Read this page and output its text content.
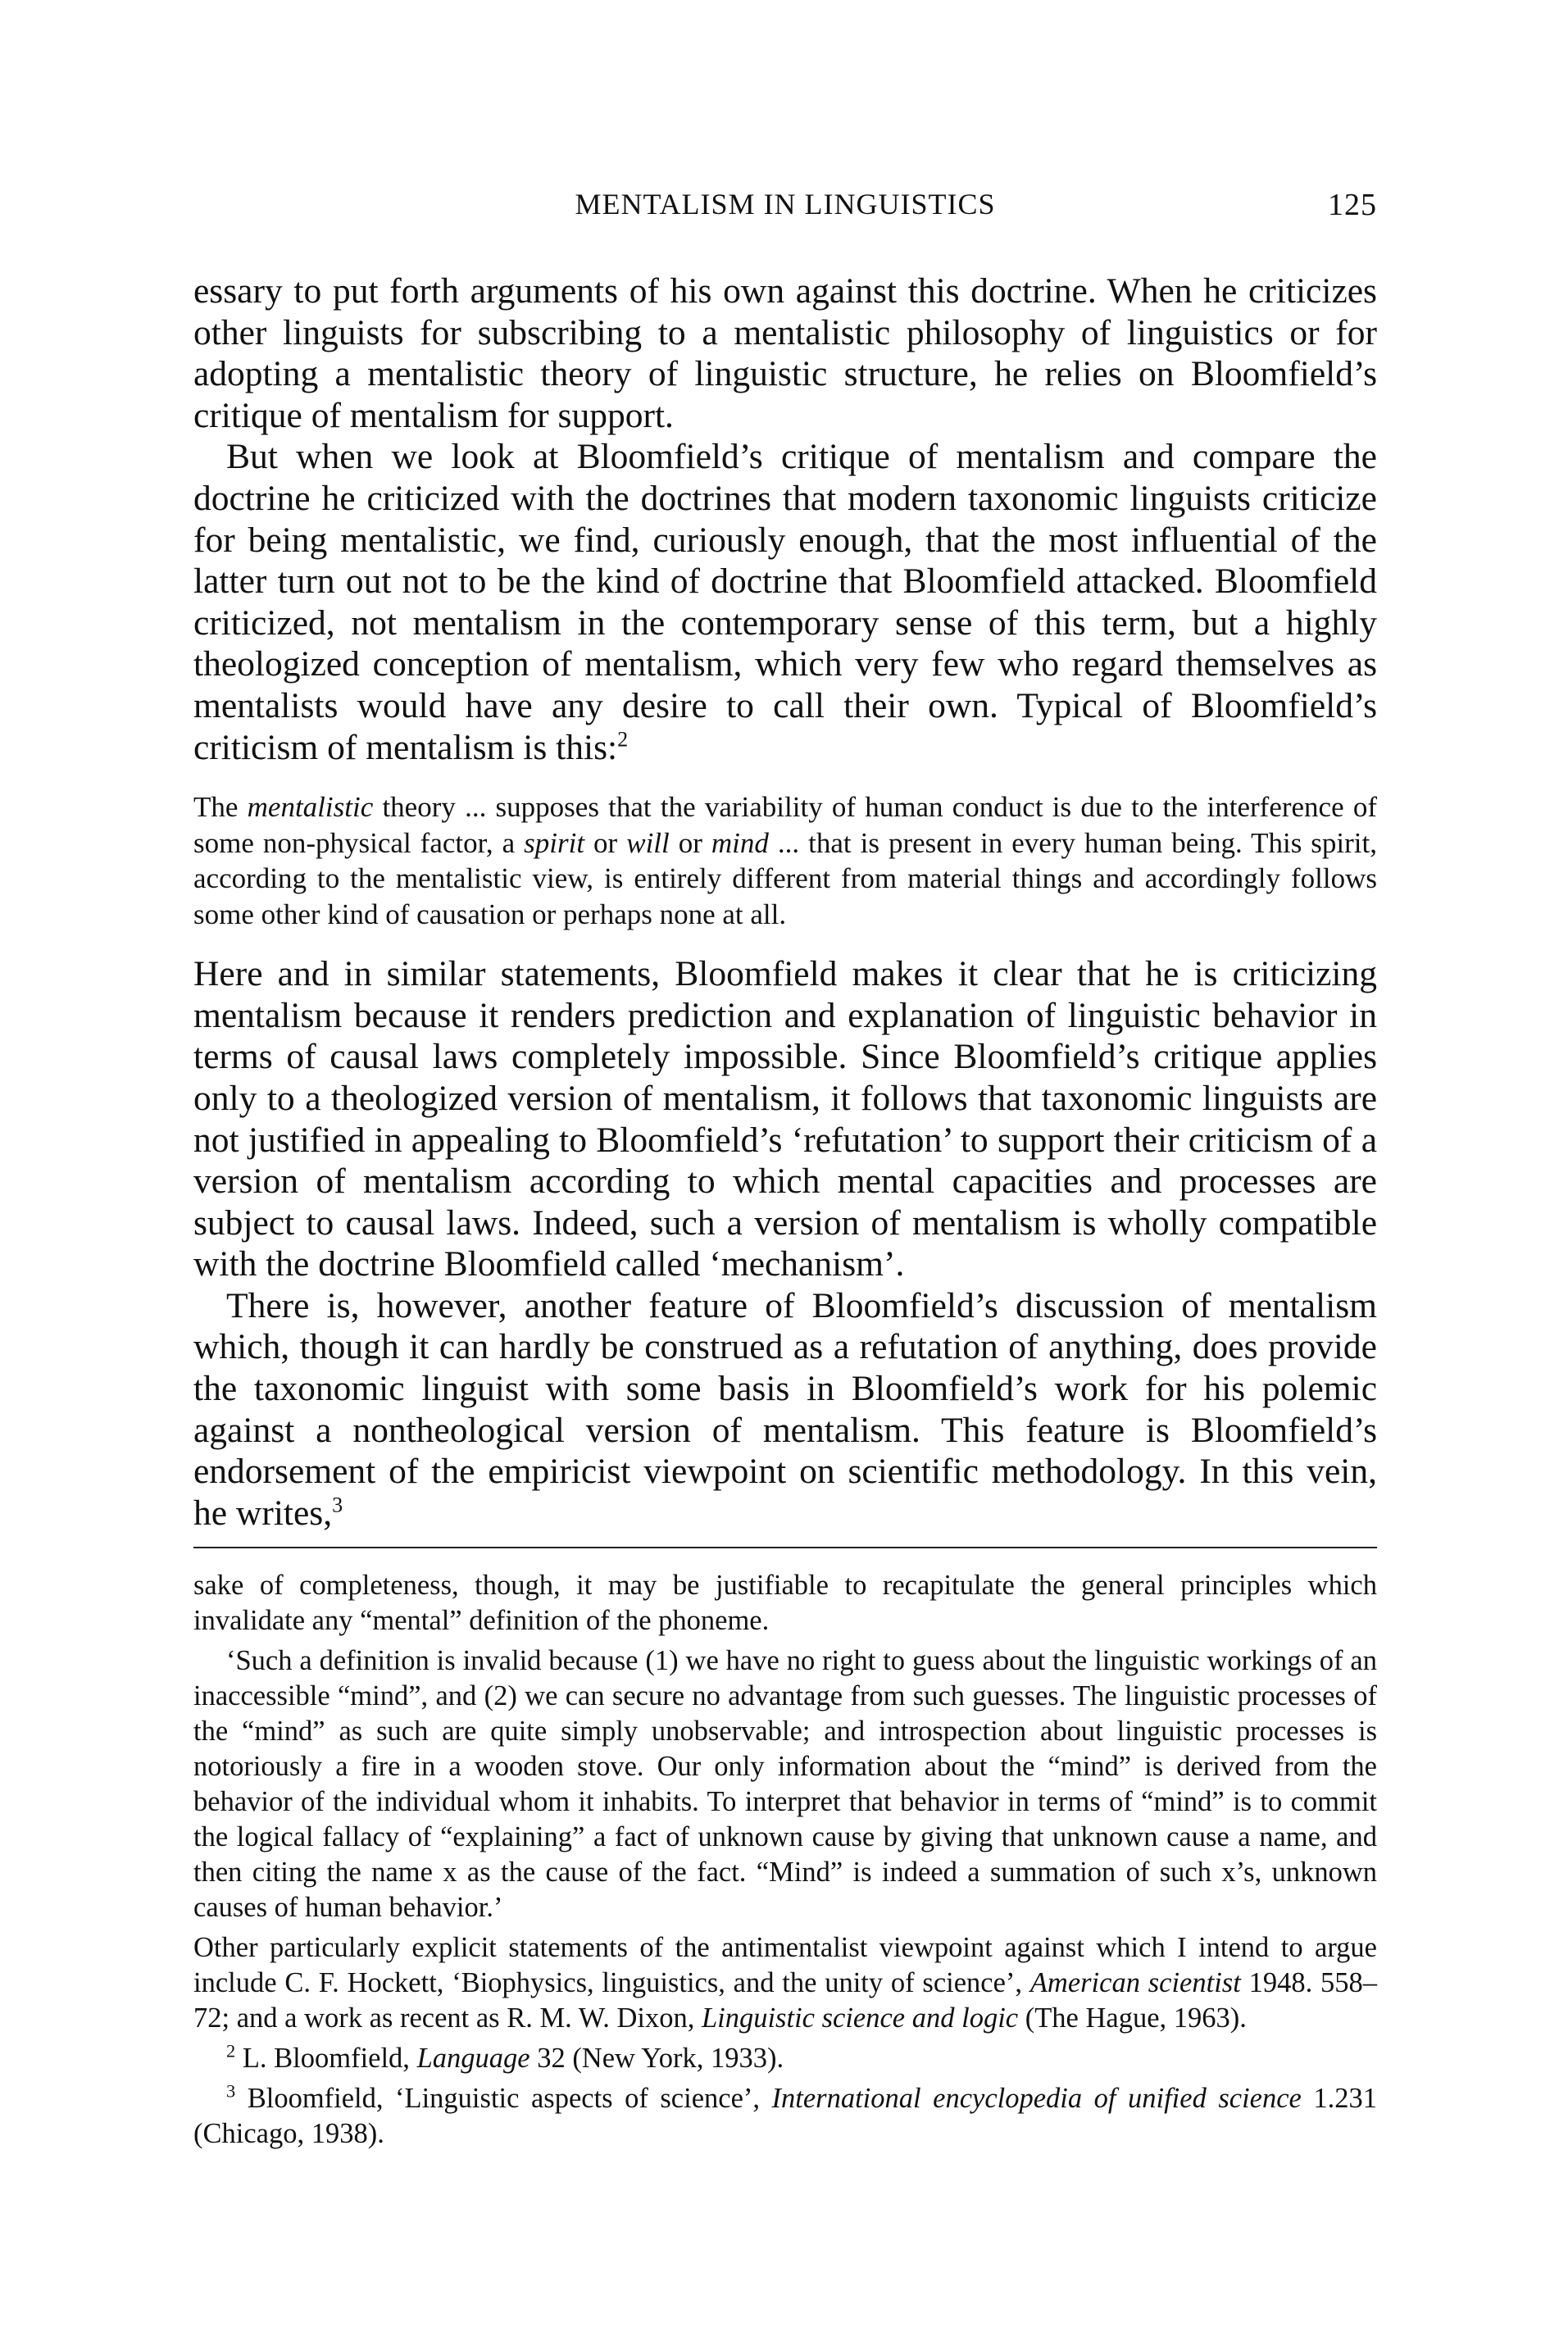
MENTALISM IN LINGUISTICS	125

essary to put forth arguments of his own against this doctrine. When he criticizes other linguists for subscribing to a mentalistic philosophy of linguistics or for adopting a mentalistic theory of linguistic structure, he relies on Bloomfield’s critique of mentalism for support.

But when we look at Bloomfield’s critique of mentalism and compare the doctrine he criticized with the doctrines that modern taxonomic linguists criticize for being mentalistic, we find, curiously enough, that the most influential of the latter turn out not to be the kind of doctrine that Bloomfield attacked. Bloomfield criticized, not mentalism in the contemporary sense of this term, but a highly theologized conception of mentalism, which very few who regard themselves as mentalists would have any desire to call their own. Typical of Bloomfield’s criticism of mentalism is this:$^2$

The mentalistic theory ... supposes that the variability of human conduct is due to the interference of some non-physical factor, a spirit or will or mind ... that is present in every human being. This spirit, according to the mentalistic view, is entirely different from material things and accordingly follows some other kind of causation or perhaps none at all.

Here and in similar statements, Bloomfield makes it clear that he is criticizing mentalism because it renders prediction and explanation of linguistic behavior in terms of causal laws completely impossible. Since Bloomfield’s critique applies only to a theologized version of mentalism, it follows that taxonomic linguists are not justified in appealing to Bloomfield’s ‘refutation’ to support their criticism of a version of mentalism according to which mental capacities and processes are subject to causal laws. Indeed, such a version of mentalism is wholly compatible with the doctrine Bloomfield called ‘mechanism’.

There is, however, another feature of Bloomfield’s discussion of mentalism which, though it can hardly be construed as a refutation of anything, does provide the taxonomic linguist with some basis in Bloomfield’s work for his polemic against a nontheological version of mentalism. This feature is Bloomfield’s endorsement of the empiricist viewpoint on scientific methodology. In this vein, he writes,$^3$

sake of completeness, though, it may be justifiable to recapitulate the general principles which invalidate any “mental” definition of the phoneme.

‘Such a definition is invalid because (1) we have no right to guess about the linguistic workings of an inaccessible “mind”, and (2) we can secure no advantage from such guesses. The linguistic processes of the “mind” as such are quite simply unobservable; and introspection about linguistic processes is notoriously a fire in a wooden stove. Our only information about the “mind” is derived from the behavior of the individual whom it inhabits. To interpret that behavior in terms of “mind” is to commit the logical fallacy of “explaining” a fact of unknown cause by giving that unknown cause a name, and then citing the name x as the cause of the fact. “Mind” is indeed a summation of such x’s, unknown causes of human behavior.’

Other particularly explicit statements of the antimentalist viewpoint against which I intend to argue include C. F. Hockett, ‘Biophysics, linguistics, and the unity of science’, American scientist 1948. 558–72; and a work as recent as R. M. W. Dixon, Linguistic science and logic (The Hague, 1963).

$^2$ L. Bloomfield, Language 32 (New York, 1933).

$^3$ Bloomfield, ‘Linguistic aspects of science’, International encyclopedia of unified science 1.231 (Chicago, 1938).
